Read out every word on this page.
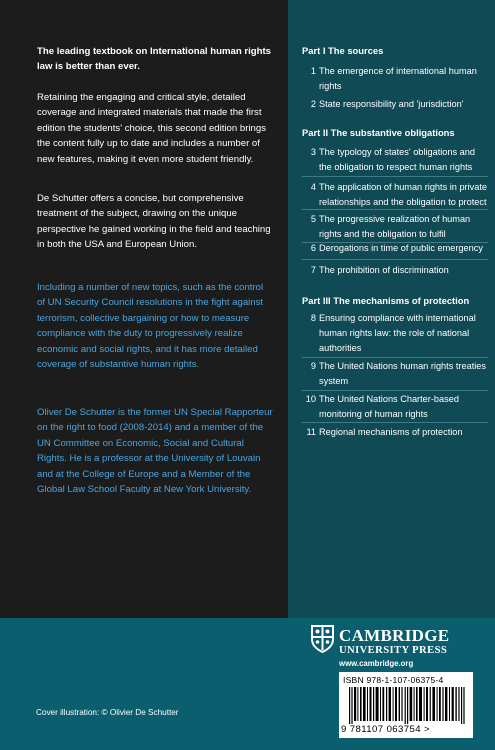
The leading textbook on International human rights law is better than ever.

Retaining the engaging and critical style, detailed coverage and integrated materials that made the first edition the students' choice, this second edition brings the content fully up to date and includes a number of new features, making it even more student friendly.

De Schutter offers a concise, but comprehensive treatment of the subject, drawing on the unique perspective he gained working in the field and teaching in both the USA and European Union.

Including a number of new topics, such as the control of UN Security Council resolutions in the fight against terrorism, collective bargaining or how to measure compliance with the duty to progressively realize economic and social rights, and it has more detailed coverage of substantive human rights.

Oliver De Schutter is the former UN Special Rapporteur on the right to food (2008-2014) and a member of the UN Committee on Economic, Social and Cultural Rights. He is a professor at the University of Louvain and at the College of Europe and a Member of the Global Law School Faculty at New York University.

Part I The sources
1 The emergence of international human rights
2 State responsibility and 'jurisdiction'
Part II The substantive obligations
3 The typology of states' obligations and the obligation to respect human rights
4 The application of human rights in private relationships and the obligation to protect
5 The progressive realization of human rights and the obligation to fulfil
6 Derogations in time of public emergency
7 The prohibition of discrimination
Part III The mechanisms of protection
8 Ensuring compliance with international human rights law: the role of national authorities
9 The United Nations human rights treaties system
10 The United Nations Charter-based monitoring of human rights
11 Regional mechanisms of protection
CAMBRIDGE
UNIVERSITY PRESS
www.cambridge.org
ISBN 978-1-107-06375-4
9 781107 063754 >
Cover illustration: © Olivier De Schutter
